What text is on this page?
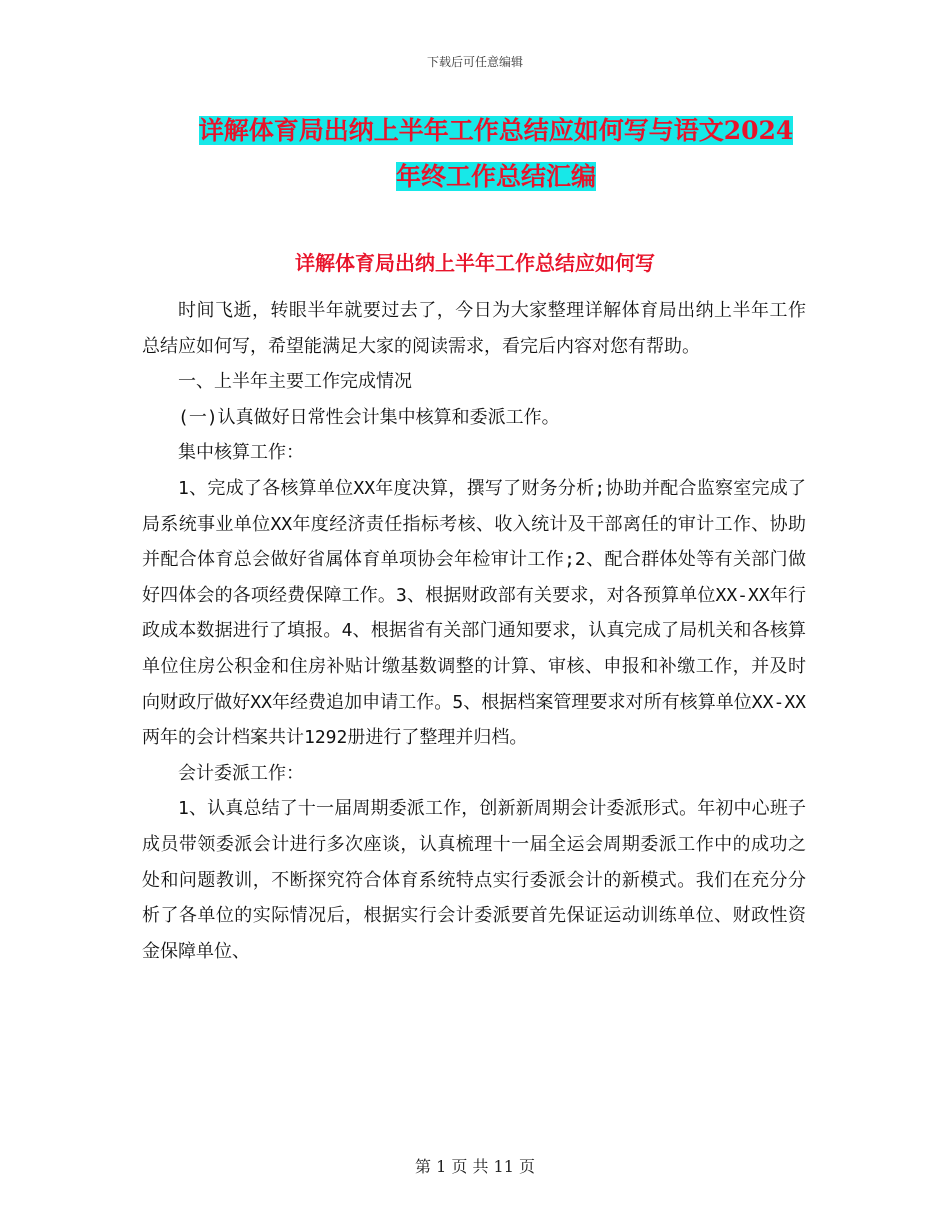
下载后可任意编辑
详解体育局出纳上半年工作总结应如何写与语文2024年终工作总结汇编
详解体育局出纳上半年工作总结应如何写

时间飞逝，转眼半年就要过去了，今日为大家整理详解体育局出纳上半年工作总结应如何写，希望能满足大家的阅读需求，看完后内容对您有帮助。

一、上半年主要工作完成情况

(一)认真做好日常性会计集中核算和委派工作。

集中核算工作：

1、完成了各核算单位XX年度决算，撰写了财务分析;协助并配合监察室完成了局系统事业单位XX年度经济责任指标考核、收入统计及干部离任的审计工作、协助并配合体育总会做好省属体育单项协会年检审计工作;2、配合群体处等有关部门做好四体会的各项经费保障工作。3、根据财政部有关要求，对各预算单位XX-XX年行政成本数据进行了填报。4、根据省有关部门通知要求，认真完成了局机关和各核算单位住房公积金和住房补贴计缴基数调整的计算、审核、申报和补缴工作，并及时向财政厅做好XX年经费追加申请工作。5、根据档案管理要求对所有核算单位XX-XX两年的会计档案共计1292册进行了整理并归档。

会计委派工作：

1、认真总结了十一届周期委派工作，创新新周期会计委派形式。年初中心班子成员带领委派会计进行多次座谈，认真梳理十一届全运会周期委派工作中的成功之处和问题教训，不断探究符合体育系统特点实行委派会计的新模式。我们在充分分析了各单位的实际情况后，根据实行会计委派要首先保证运动训练单位、财政性资金保障单位、

第 1 页 共 11 页
